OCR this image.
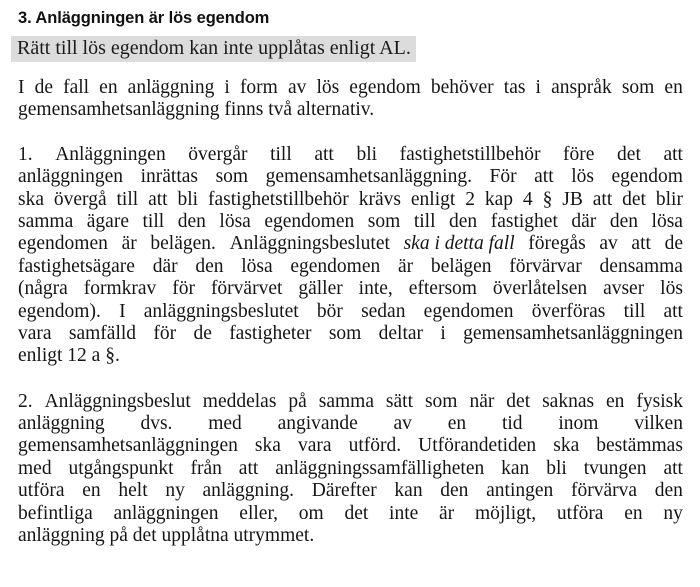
3. Anläggningen är lös egendom
Rätt till lös egendom kan inte upplåtas enligt AL.

I de fall en anläggning i form av lös egendom behöver tas i anspråk som en
gemensamhetsanläggning finns två alternativ.

1. Anläggningen övergår till att bli fastighetstillbehör före det att
anläggningen inrättas som gemensamhetsanläggning. För att lös egendom
ska övergå till att bli fastighetstillbehör krävs enligt 2 kap 4 § JB att det blir
samma ägare till den lösa egendomen som till den fastighet där den lösa
egendomen är belägen. Anläggningsbeslutet ska i detta fall föregås av att de
fastighetsägare där den lösa egendomen är belägen förvärvar densamma
(några formkrav för förvärvet gäller inte, eftersom överlåtelsen avser lös
egendom). I anläggningsbeslutet bör sedan egendomen överföras till att
vara samfälld för de fastigheter som deltar i gemensamhetsanläggningen
enligt 12 a §.

2. Anläggningsbeslut meddelas på samma sätt som när det saknas en fysisk
anläggning dvs. med angivande av en tid inom vilken
gemensamhetsanläggningen ska vara utförd. Utförandetiden ska bestämmas
med utgångspunkt från att anläggningssamfälligheten kan bli tvungen att
utföra en helt ny anläggning. Därefter kan den antingen förvärva den
befintliga anläggningen eller, om det inte är möjligt, utföra en ny
anläggning på det upplåtna utrymmet.
